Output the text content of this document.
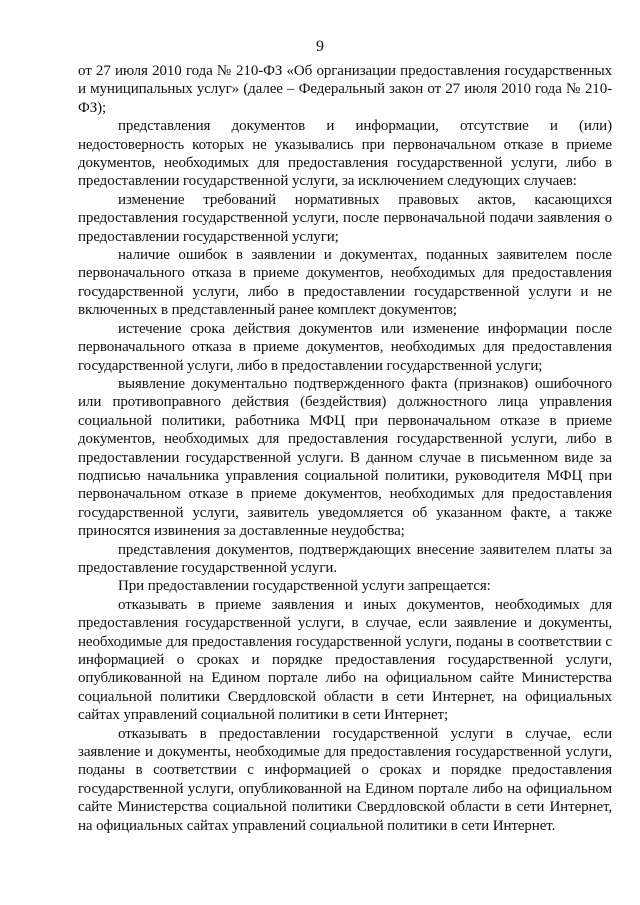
9

от 27 июля 2010 года № 210-ФЗ «Об организации предоставления государственных и муниципальных услуг» (далее – Федеральный закон от 27 июля 2010 года № 210-ФЗ);

представления документов и информации, отсутствие и (или) недостоверность которых не указывались при первоначальном отказе в приеме документов, необходимых для предоставления государственной услуги, либо в предоставлении государственной услуги, за исключением следующих случаев:

изменение требований нормативных правовых актов, касающихся предоставления государственной услуги, после первоначальной подачи заявления о предоставлении государственной услуги;

наличие ошибок в заявлении и документах, поданных заявителем после первоначального отказа в приеме документов, необходимых для предоставления государственной услуги, либо в предоставлении государственной услуги и не включенных в представленный ранее комплект документов;

истечение срока действия документов или изменение информации после первоначального отказа в приеме документов, необходимых для предоставления государственной услуги, либо в предоставлении государственной услуги;

выявление документально подтвержденного факта (признаков) ошибочного или противоправного действия (бездействия) должностного лица управления социальной политики, работника МФЦ при первоначальном отказе в приеме документов, необходимых для предоставления государственной услуги, либо в предоставлении государственной услуги. В данном случае в письменном виде за подписью начальника управления социальной политики, руководителя МФЦ при первоначальном отказе в приеме документов, необходимых для предоставления государственной услуги, заявитель уведомляется об указанном факте, а также приносятся извинения за доставленные неудобства;

представления документов, подтверждающих внесение заявителем платы за предоставление государственной услуги.

При предоставлении государственной услуги запрещается:

отказывать в приеме заявления и иных документов, необходимых для предоставления государственной услуги, в случае, если заявление и документы, необходимые для предоставления государственной услуги, поданы в соответствии с информацией о сроках и порядке предоставления государственной услуги, опубликованной на Едином портале либо на официальном сайте Министерства социальной политики Свердловской области в сети Интернет, на официальных сайтах управлений социальной политики в сети Интернет;

отказывать в предоставлении государственной услуги в случае, если заявление и документы, необходимые для предоставления государственной услуги, поданы в соответствии с информацией о сроках и порядке предоставления государственной услуги, опубликованной на Едином портале либо на официальном сайте Министерства социальной политики Свердловской области в сети Интернет, на официальных сайтах управлений социальной политики в сети Интернет.
